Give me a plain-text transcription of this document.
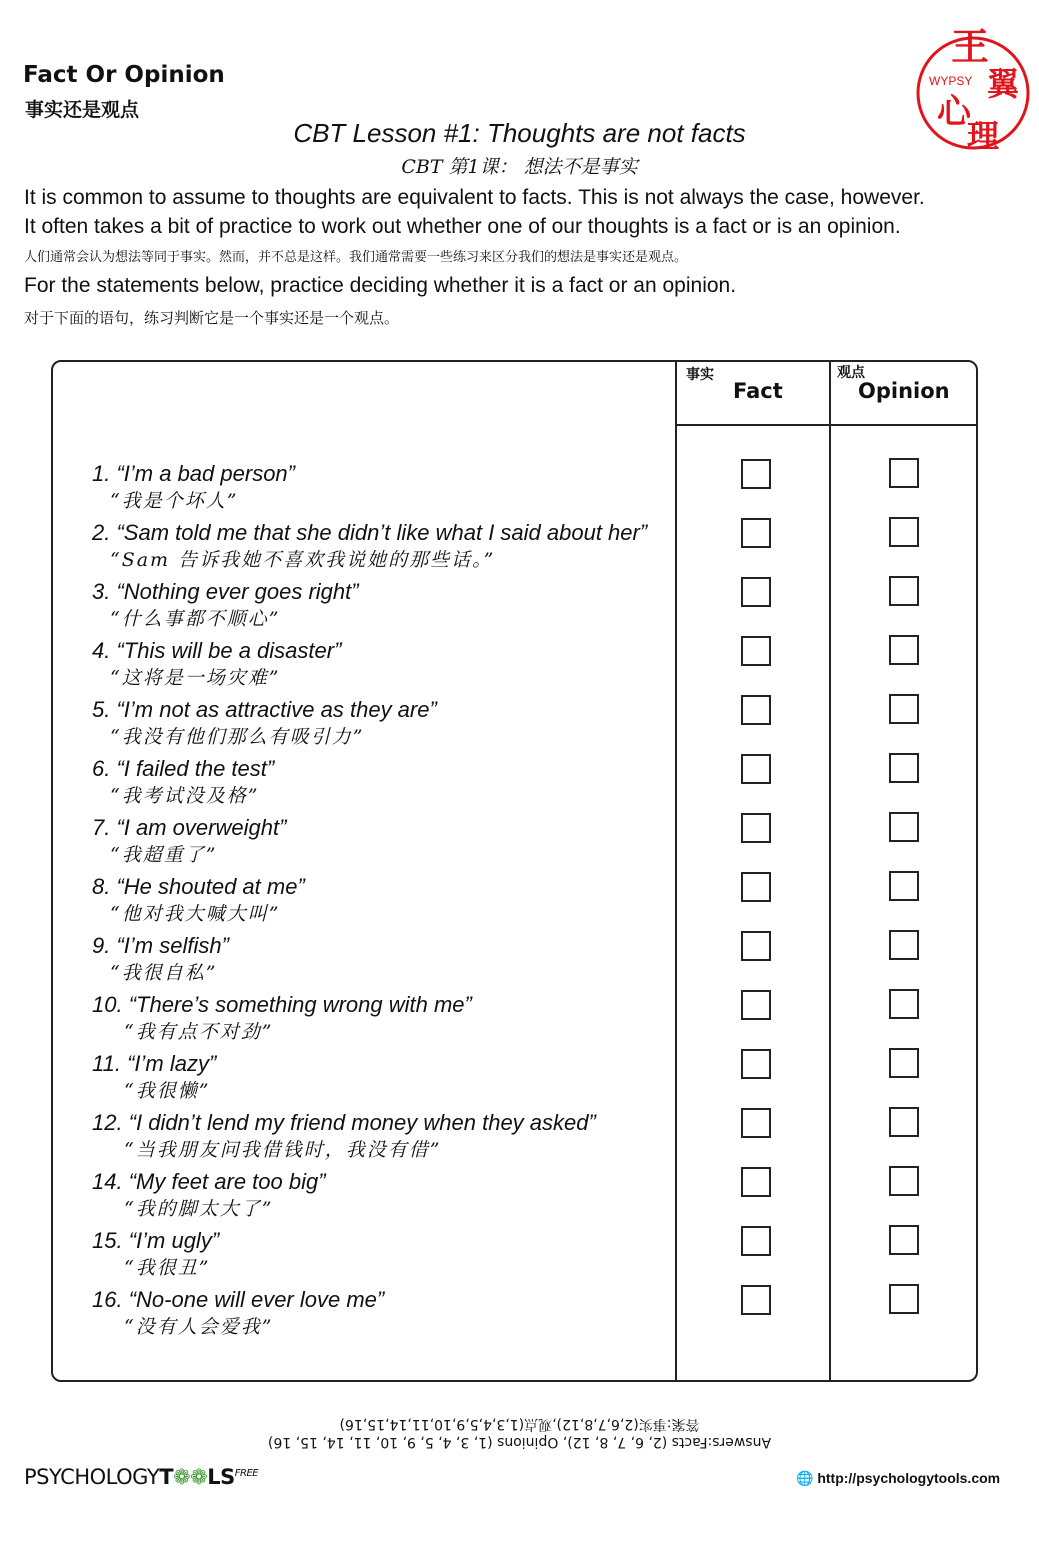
Fact Or Opinion
事实还是观点
WYPSY
王
翼
心
理
CBT Lesson #1: Thoughts are not facts
CBT 第1课： 想法不是事实
It is common to assume to thoughts are equivalent to facts. This is not always the case, however.
It often takes a bit of practice to work out whether one of our thoughts is a fact or is an opinion.
人们通常会认为想法等同于事实。然而，并不总是这样。我们通常需要一些练习来区分我们的想法是事实还是观点。
For the statements below, practice deciding whether it is a fact or an opinion.
对于下面的语句，练习判断它是一个事实还是一个观点。
事实
Fact
观点
Opinion
1. “I’m a bad person”
“我是个坏人”
2. “Sam told me that she didn’t like what I said about her”
“Sam 告诉我她不喜欢我说她的那些话。”
3. “Nothing ever goes right”
“什么事都不顺心”
4. “This will be a disaster”
“这将是一场灾难”
5. “I’m not as attractive as they are”
“我没有他们那么有吸引力”
6. “I failed the test”
“我考试没及格”
7. “I am overweight”
“我超重了”
8. “He shouted at me”
“他对我大喊大叫”
9. “I’m selfish”
“我很自私”
10. “There’s something wrong with me”
“我有点不对劲”
11. “I’m lazy”
“我很懒”
12. “I didn’t lend my friend money when they asked”
“当我朋友问我借钱时，我没有借”
14. “My feet are too big”
“我的脚太大了”
15. “I’m ugly”
“我很丑”
16. “No-one will ever love me”
“没有人会爱我”
Answers:Facts (2, 6, 7, 8, 12), Opinions (1, 3, 4, 5, 9, 10, 11, 14, 15, 16)
答案:事实(2,6,7,8,12),观点(1,3,4,5,9,10,11,14,15,16)
$PSYCHOLOGYT❁❁LS^{FREE}$	🌐 http://psychologytools.com
